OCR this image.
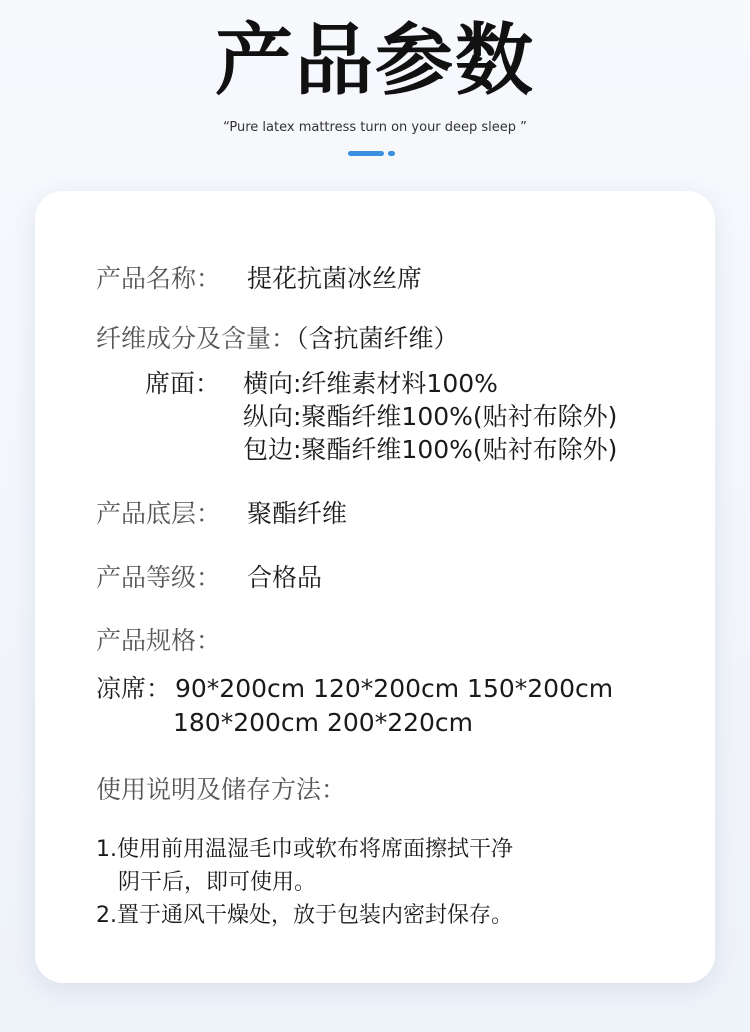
产品参数
“Pure latex mattress turn on your deep sleep ”
产品名称： 提花抗菌冰丝席
纤维成分及含量：（含抗菌纤维）
席面： 横向:纤维素材料100%
纵向:聚酯纤维100%(贴衬布除外)
包边:聚酯纤维100%(贴衬布除外)
产品底层： 聚酯纤维
产品等级： 合格品
产品规格：
凉席： 90*200cm 120*200cm 150*200cm
180*200cm 200*220cm
使用说明及储存方法：
1.使用前用温湿毛巾或软布将席面擦拭干净
阴干后，即可使用。
2.置于通风干燥处，放于包装内密封保存。
